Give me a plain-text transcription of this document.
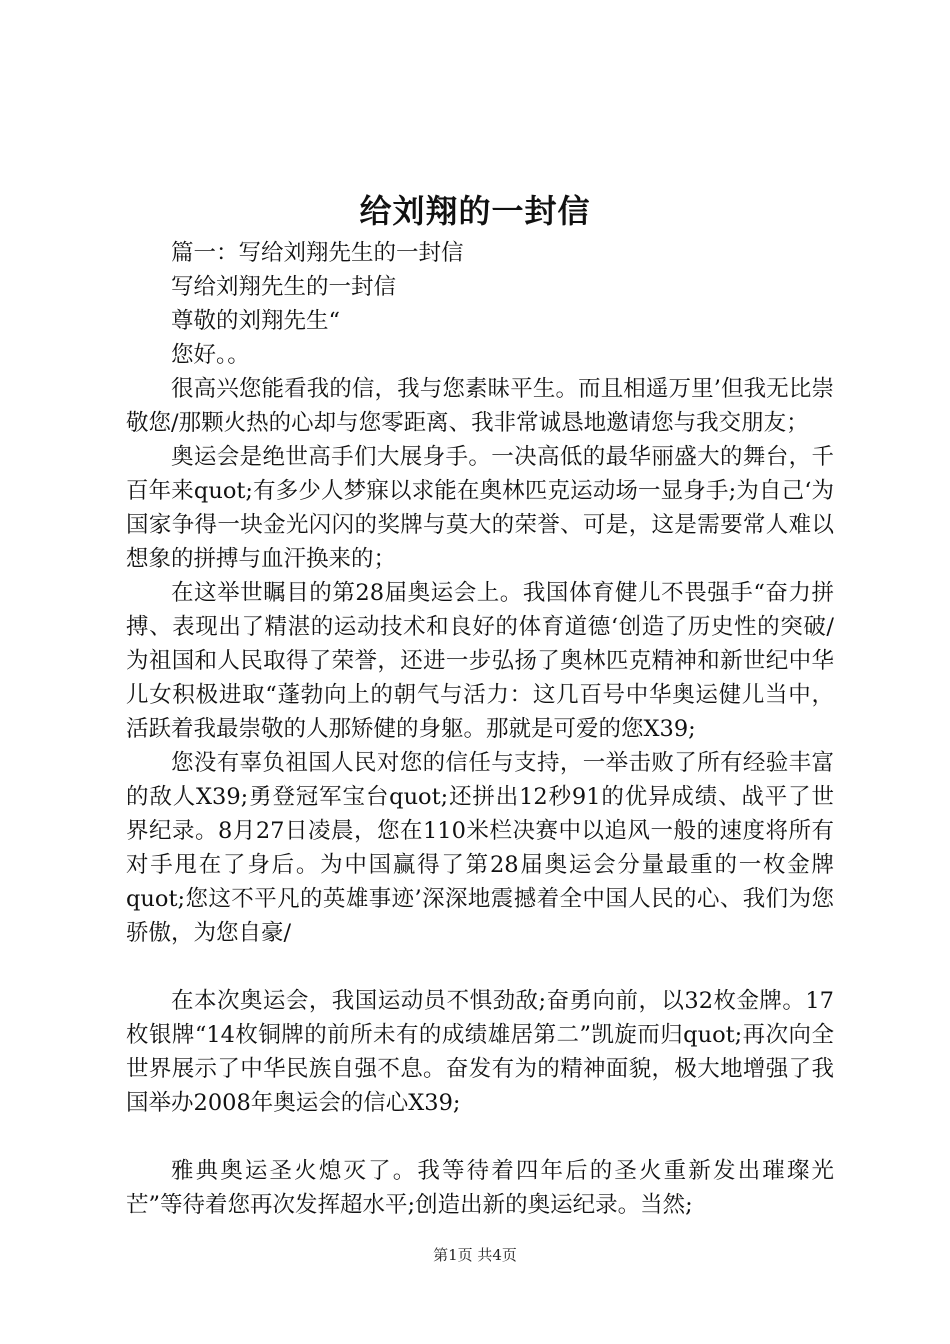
给刘翔的一封信

篇一：写给刘翔先生的一封信

写给刘翔先生的一封信

尊敬的刘翔先生“

您好。。

很高兴您能看我的信，我与您素昧平生。而且相遥万里’但我无比崇敬您/那颗火热的心却与您零距离、我非常诚恳地邀请您与我交朋友；

奥运会是绝世高手们大展身手。一决高低的最华丽盛大的舞台，千百年来quot;有多少人梦寐以求能在奥林匹克运动场一显身手;为自己‘为国家争得一块金光闪闪的奖牌与莫大的荣誉、可是，这是需要常人难以想象的拼搏与血汗换来的；

在这举世瞩目的第28届奥运会上。我国体育健儿不畏强手“奋力拼搏、表现出了精湛的运动技术和良好的体育道德‘创造了历史性的突破/为祖国和人民取得了荣誉，还进一步弘扬了奥林匹克精神和新世纪中华儿女积极进取“蓬勃向上的朝气与活力：这几百号中华奥运健儿当中，活跃着我最崇敬的人那矫健的身躯。那就是可爱的您X39;

您没有辜负祖国人民对您的信任与支持，一举击败了所有经验丰富的敌人X39;勇登冠军宝台quot;还拼出12秒91的优异成绩、战平了世界纪录。8月27日凌晨，您在110米栏决赛中以追风一般的速度将所有对手甩在了身后。为中国赢得了第28届奥运会分量最重的一枚金牌quot;您这不平凡的英雄事迹’深深地震撼着全中国人民的心、我们为您骄傲，为您自豪/

在本次奥运会，我国运动员不惧劲敌;奋勇向前，以32枚金牌。17枚银牌“14枚铜牌的前所未有的成绩雄居第二”凯旋而归quot;再次向全世界展示了中华民族自强不息。奋发有为的精神面貌，极大地增强了我国举办2008年奥运会的信心X39;

雅典奥运圣火熄灭了。我等待着四年后的圣火重新发出璀璨光芒”等待着您再次发挥超水平;创造出新的奥运纪录。当然;

第1页 共4页
